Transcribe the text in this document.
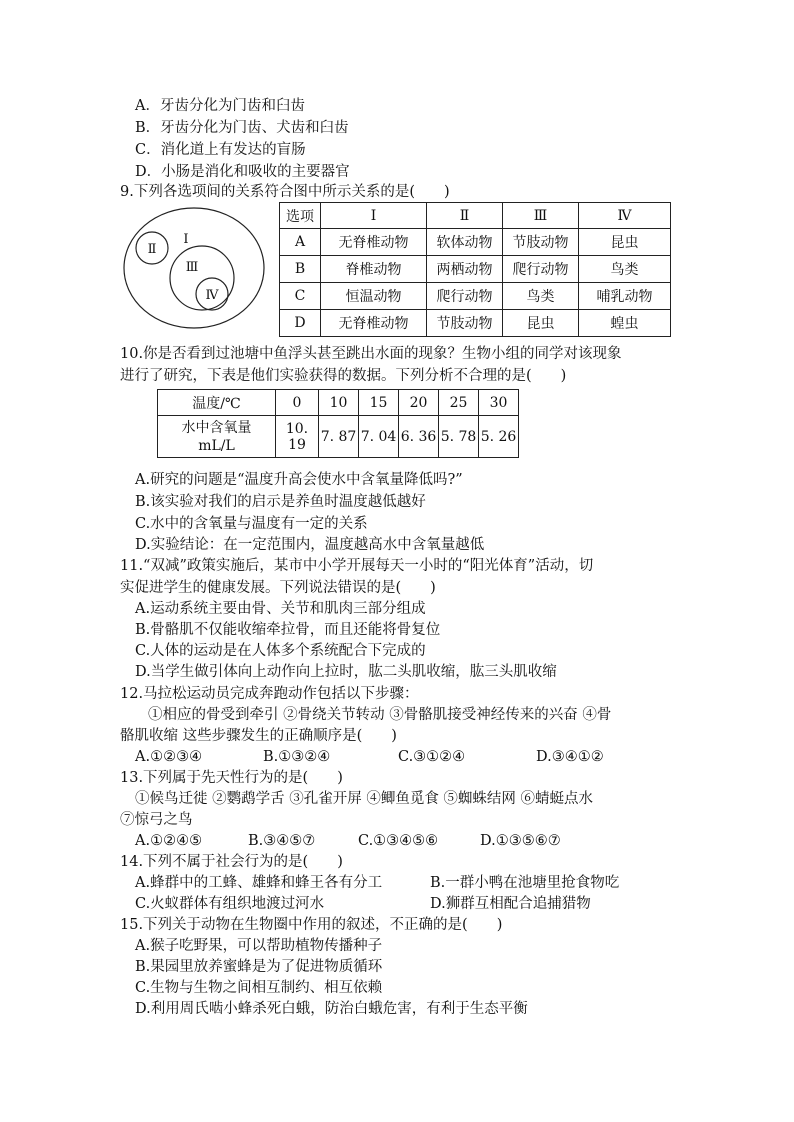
A．牙齿分化为门齿和臼齿
B．牙齿分化为门齿、犬齿和臼齿
C．消化道上有发达的盲肠
D．小肠是消化和吸收的主要器官
9.下列各选项间的关系符合图中所示关系的是(　　)
Ⅱ
Ⅰ
Ⅲ
Ⅳ
选项	Ⅰ	Ⅱ	Ⅲ	Ⅳ
A	无脊椎动物	软体动物	节肢动物	昆虫
B	脊椎动物	两栖动物	爬行动物	鸟类
C	恒温动物	爬行动物	鸟类	哺乳动物
D	无脊椎动物	节肢动物	昆虫	蝗虫
10.你是否看到过池塘中鱼浮头甚至跳出水面的现象？生物小组的同学对该现象
进行了研究，下表是他们实验获得的数据。下列分析不合理的是(　　)
温度/℃	0	10	15	20	25	30
水中含氧量
mL/L	10. 19	7. 87	7. 04	6. 36	5. 78	5. 26
A.研究的问题是“温度升高会使水中含氧量降低吗?”
B.该实验对我们的启示是养鱼时温度越低越好
C.水中的含氧量与温度有一定的关系
D.实验结论：在一定范围内，温度越高水中含氧量越低
11.“双减”政策实施后，某市中小学开展每天一小时的“阳光体育”活动，切
实促进学生的健康发展。下列说法错误的是(　　)
A.运动系统主要由骨、关节和肌肉三部分组成
B.骨骼肌不仅能收缩牵拉骨，而且还能将骨复位
C.人体的运动是在人体多个系统配合下完成的
D.当学生做引体向上动作向上拉时，肱二头肌收缩，肱三头肌收缩
12.马拉松运动员完成奔跑动作包括以下步骤：
①相应的骨受到牵引 ②骨绕关节转动 ③骨骼肌接受神经传来的兴奋 ④骨
骼肌收缩 这些步骤发生的正确顺序是(　　)
A.①②③④	B.①③②④	C.③①②④	D.③④①②
13.下列属于先天性行为的是(　　)
①候鸟迁徙 ②鹦鹉学舌 ③孔雀开屏 ④鲫鱼觅食 ⑤蜘蛛结网 ⑥蜻蜓点水
⑦惊弓之鸟
A.①②④⑤	B.③④⑤⑦	C.①③④⑤⑥	D.①③⑤⑥⑦
14.下列不属于社会行为的是(　　)
A.蜂群中的工蜂、雄蜂和蜂王各有分工	B.一群小鸭在池塘里抢食物吃
C.火蚁群体有组织地渡过河水	D.狮群互相配合追捕猎物
15.下列关于动物在生物圈中作用的叙述，不正确的是(　　)
A.猴子吃野果，可以帮助植物传播种子
B.果园里放养蜜蜂是为了促进物质循环
C.生物与生物之间相互制约、相互依赖
D.利用周氏啮小蜂杀死白蛾，防治白蛾危害，有利于生态平衡
